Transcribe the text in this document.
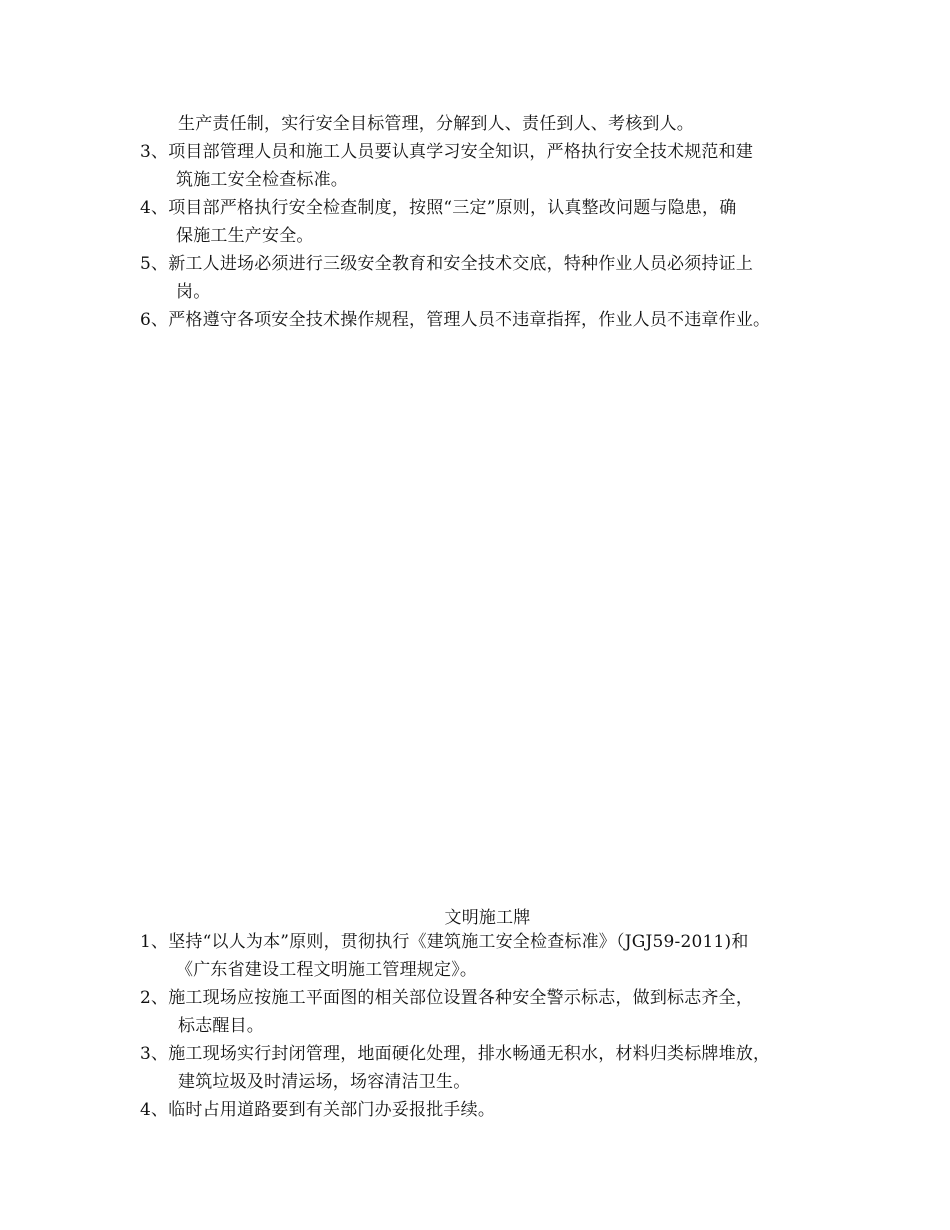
生产责任制，实行安全目标管理，分解到人、责任到人、考核到人。
3、项目部管理人员和施工人员要认真学习安全知识，严格执行安全技术规范和建
筑施工安全检查标准。
4、项目部严格执行安全检查制度，按照“三定”原则，认真整改问题与隐患，确
保施工生产安全。
5、新工人进场必须进行三级安全教育和安全技术交底，特种作业人员必须持证上
岗。
6、严格遵守各项安全技术操作规程，管理人员不违章指挥，作业人员不违章作业。
文明施工牌
1、坚持“以人为本”原则，贯彻执行《建筑施工安全检查标准》（JGJ59-2011)和
《广东省建设工程文明施工管理规定》。
2、施工现场应按施工平面图的相关部位设置各种安全警示标志，做到标志齐全，
标志醒目。
3、施工现场实行封闭管理，地面硬化处理，排水畅通无积水，材料归类标牌堆放，
建筑垃圾及时清运场，场容清洁卫生。
4、临时占用道路要到有关部门办妥报批手续。
